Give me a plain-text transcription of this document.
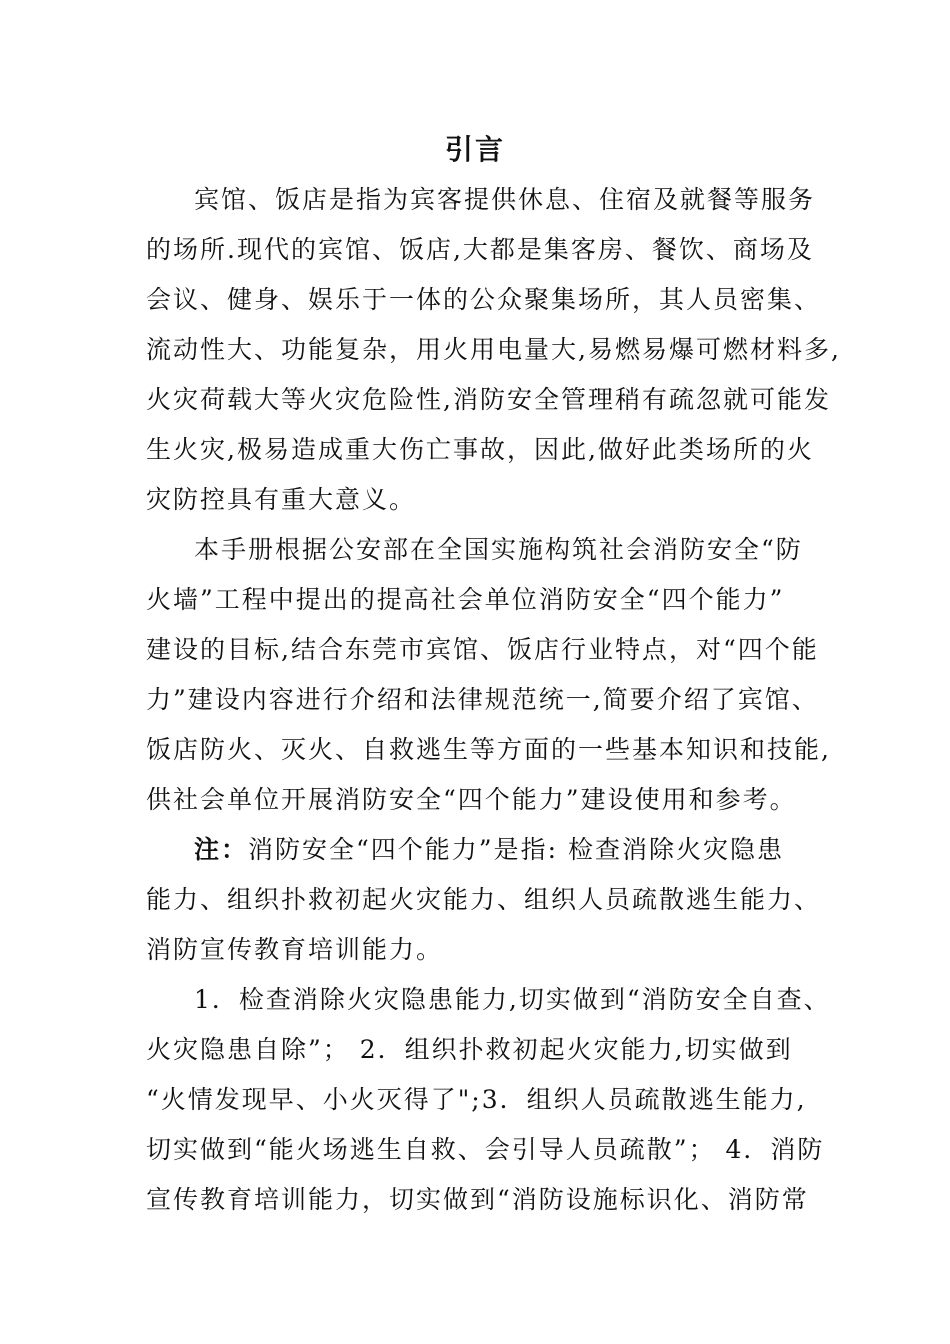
引言
宾馆、饭店是指为宾客提供休息、住宿及就餐等服务
的场所.现代的宾馆、饭店,大都是集客房、餐饮、商场及
会议、健身、娱乐于一体的公众聚集场所，其人员密集、
流动性大、功能复杂，用火用电量大,易燃易爆可燃材料多,
火灾荷载大等火灾危险性,消防安全管理稍有疏忽就可能发
生火灾,极易造成重大伤亡事故，因此,做好此类场所的火
灾防控具有重大意义。
本手册根据公安部在全国实施构筑社会消防安全“防
火墙”工程中提出的提高社会单位消防安全“四个能力”
建设的目标,结合东莞市宾馆、饭店行业特点，对“四个能
力”建设内容进行介绍和法律规范统一,简要介绍了宾馆、
饭店防火、灭火、自救逃生等方面的一些基本知识和技能,
供社会单位开展消防安全“四个能力”建设使用和参考。
注：消防安全“四个能力”是指: 检查消除火灾隐患
能力、组织扑救初起火灾能力、组织人员疏散逃生能力、
消防宣传教育培训能力。
1．检查消除火灾隐患能力,切实做到“消防安全自查、
火灾隐患自除”； 2．组织扑救初起火灾能力,切实做到
“火情发现早、小火灭得了";3．组织人员疏散逃生能力,
切实做到“能火场逃生自救、会引导人员疏散”； 4．消防
宣传教育培训能力，切实做到“消防设施标识化、消防常
